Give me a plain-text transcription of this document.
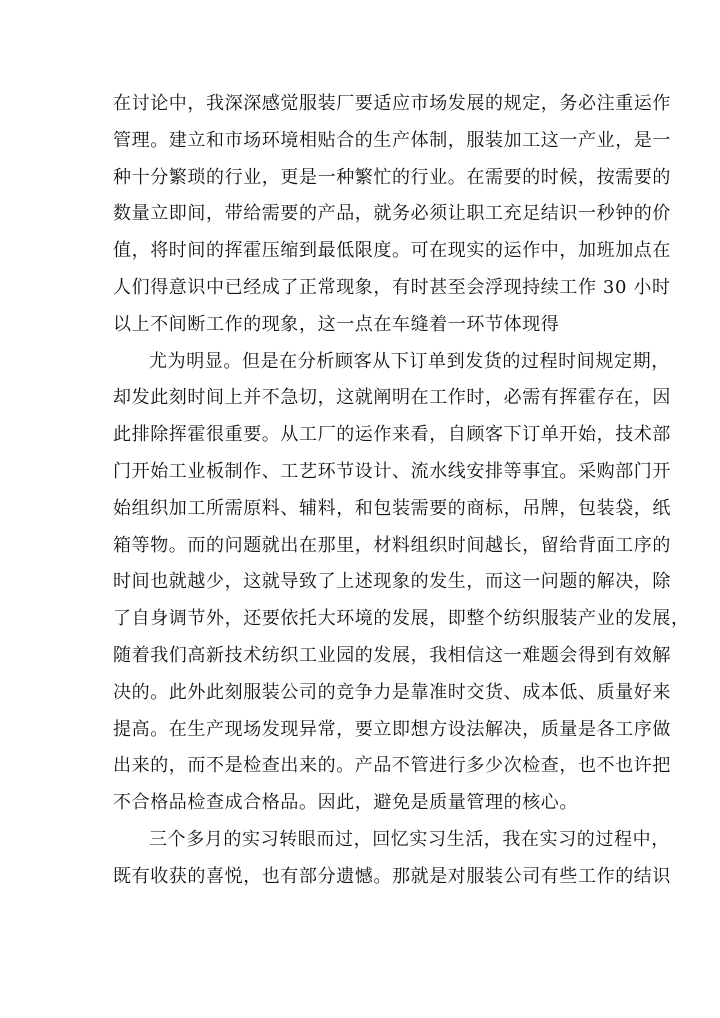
在讨论中，我深深感觉服装厂要适应市场发展的规定，务必注重运作
管理。建立和市场环境相贴合的生产体制，服装加工这一产业，是一
种十分繁琐的行业，更是一种繁忙的行业。在需要的时候，按需要的
数量立即间，带给需要的产品，就务必须让职工充足结识一秒钟的价
值，将时间的挥霍压缩到最低限度。可在现实的运作中，加班加点在
人们得意识中已经成了正常现象，有时甚至会浮现持续工作 30 小时
以上不间断工作的现象，这一点在车缝着一环节体现得
尤为明显。但是在分析顾客从下订单到发货的过程时间规定期，
却发此刻时间上并不急切，这就阐明在工作时，必需有挥霍存在，因
此排除挥霍很重要。从工厂的运作来看，自顾客下订单开始，技术部
门开始工业板制作、工艺环节设计、流水线安排等事宜。采购部门开
始组织加工所需原料、辅料，和包装需要的商标，吊牌，包装袋，纸
箱等物。而的问题就出在那里，材料组织时间越长，留给背面工序的
时间也就越少，这就导致了上述现象的发生，而这一问题的解决，除
了自身调节外，还要依托大环境的发展，即整个纺织服装产业的发展，
随着我们高新技术纺织工业园的发展，我相信这一难题会得到有效解
决的。此外此刻服装公司的竞争力是靠准时交货、成本低、质量好来
提高。在生产现场发现异常，要立即想方设法解决，质量是各工序做
出来的，而不是检查出来的。产品不管进行多少次检查，也不也许把
不合格品检查成合格品。因此，避免是质量管理的核心。
三个多月的实习转眼而过，回忆实习生活，我在实习的过程中，
既有收获的喜悦，也有部分遗憾。那就是对服装公司有些工作的结识
